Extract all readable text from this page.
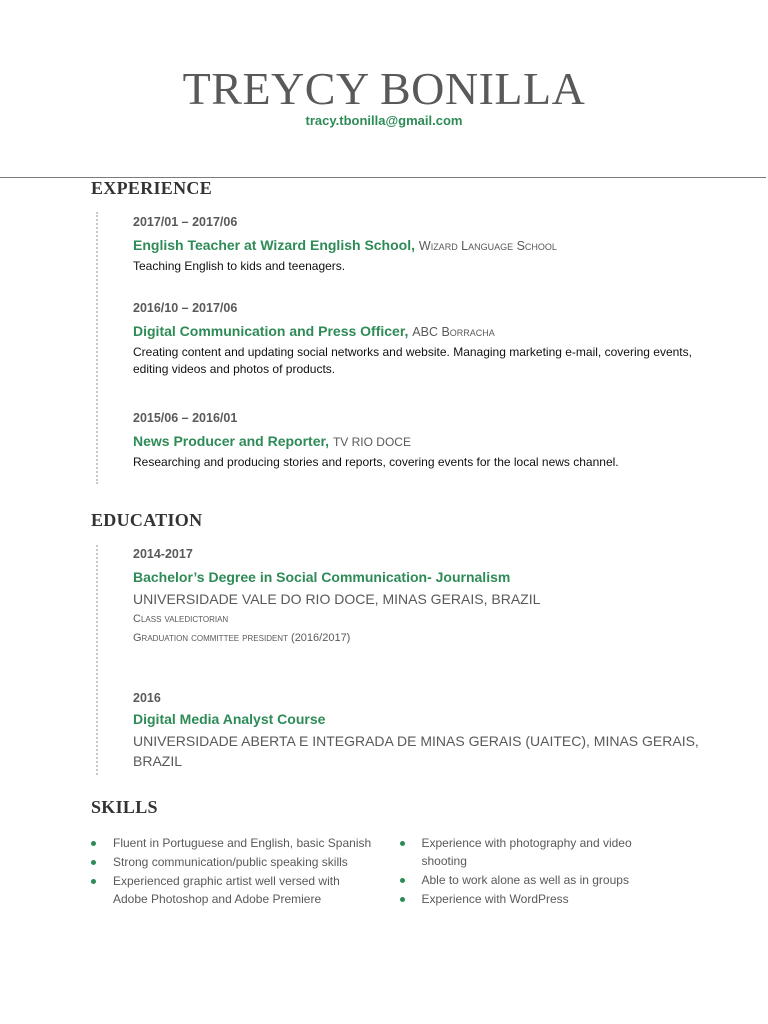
TREYCY BONILLA
tracy.tbonilla@gmail.com
EXPERIENCE
2017/01 – 2017/06
English Teacher at Wizard English School, Wizard Language School
Teaching English to kids and teenagers.
2016/10 – 2017/06
Digital Communication and Press Officer, ABC Borracha
Creating content and updating social networks and website. Managing marketing e-mail, covering events, editing videos and photos of products.
2015/06 – 2016/01
News Producer and Reporter, TV RIO DOCE
Researching and producing stories and reports, covering events for the local news channel.
EDUCATION
2014-2017
Bachelor’s Degree in Social Communication- Journalism
UNIVERSIDADE VALE DO RIO DOCE, MINAS GERAIS, BRAZIL
Class valedictorian
Graduation committee president (2016/2017)
2016
Digital Media Analyst Course
UNIVERSIDADE ABERTA E INTEGRADA DE MINAS GERAIS (UAITEC), MINAS GERAIS, BRAZIL
SKILLS
Fluent in Portuguese and English, basic Spanish
Strong communication/public speaking skills
Experienced graphic artist well versed with Adobe Photoshop and Adobe Premiere
Experience with photography and video shooting
Able to work alone as well as in groups
Experience with WordPress
